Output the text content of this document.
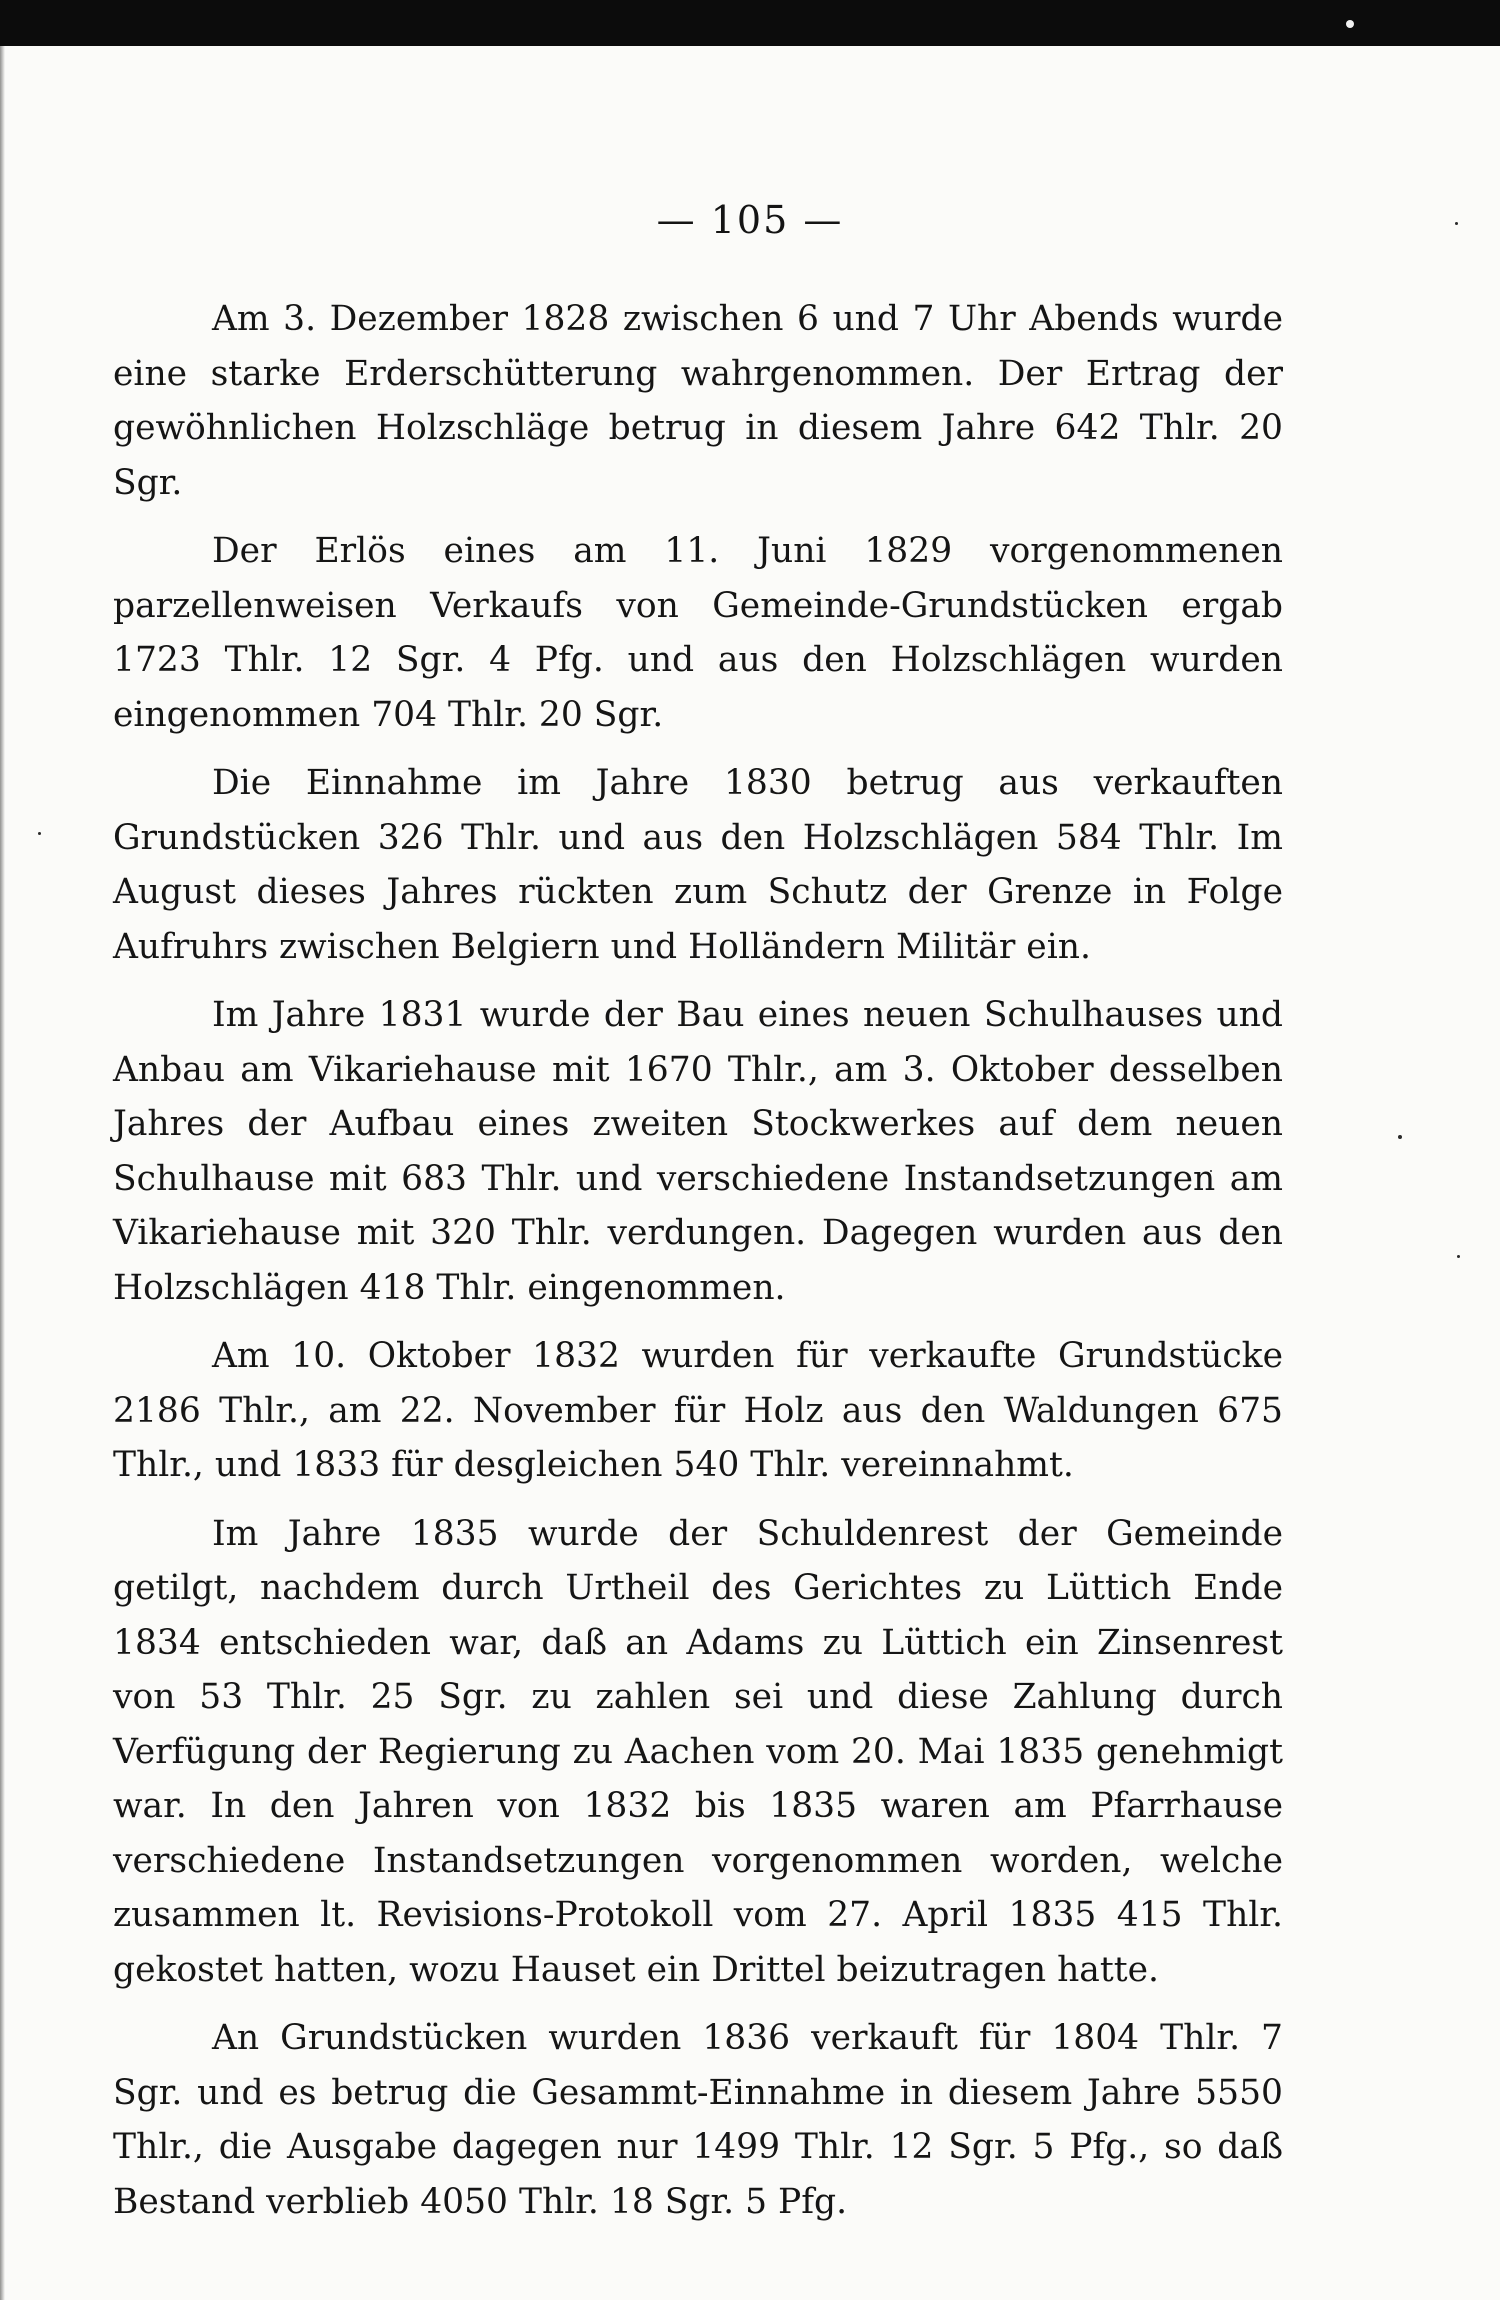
— 105 —

Am 3. Dezember 1828 zwischen 6 und 7 Uhr Abends wurde eine starke Erderschütterung wahrgenommen. Der Ertrag der gewöhnlichen Holzschläge betrug in diesem Jahre 642 Thlr. 20 Sgr.

Der Erlös eines am 11. Juni 1829 vorgenommenen parzellenweisen Verkaufs von Gemeinde-Grundstücken ergab 1723 Thlr. 12 Sgr. 4 Pfg. und aus den Holzschlägen wurden eingenommen 704 Thlr. 20 Sgr.

Die Einnahme im Jahre 1830 betrug aus verkauften Grundstücken 326 Thlr. und aus den Holzschlägen 584 Thlr. Im August dieses Jahres rückten zum Schutz der Grenze in Folge Aufruhrs zwischen Belgiern und Holländern Militär ein.

Im Jahre 1831 wurde der Bau eines neuen Schulhauses und Anbau am Vikariehause mit 1670 Thlr., am 3. Oktober desselben Jahres der Aufbau eines zweiten Stockwerkes auf dem neuen Schulhause mit 683 Thlr. und verschiedene Instandsetzungen am Vikariehause mit 320 Thlr. verdungen. Dagegen wurden aus den Holzschlägen 418 Thlr. eingenommen.

Am 10. Oktober 1832 wurden für verkaufte Grundstücke 2186 Thlr., am 22. November für Holz aus den Waldungen 675 Thlr., und 1833 für desgleichen 540 Thlr. vereinnahmt.

Im Jahre 1835 wurde der Schuldenrest der Gemeinde getilgt, nachdem durch Urtheil des Gerichtes zu Lüttich Ende 1834 entschieden war, daß an Adams zu Lüttich ein Zinsenrest von 53 Thlr. 25 Sgr. zu zahlen sei und diese Zahlung durch Verfügung der Regierung zu Aachen vom 20. Mai 1835 genehmigt war. In den Jahren von 1832 bis 1835 waren am Pfarrhause verschiedene Instandsetzungen vorgenommen worden, welche zusammen lt. Revisions-Protokoll vom 27. April 1835 415 Thlr. gekostet hatten, wozu Hauset ein Drittel beizutragen hatte.

An Grundstücken wurden 1836 verkauft für 1804 Thlr. 7 Sgr. und es betrug die Gesammt-Einnahme in diesem Jahre 5550 Thlr., die Ausgabe dagegen nur 1499 Thlr. 12 Sgr. 5 Pfg., so daß Bestand verblieb 4050 Thlr. 18 Sgr. 5 Pfg.
